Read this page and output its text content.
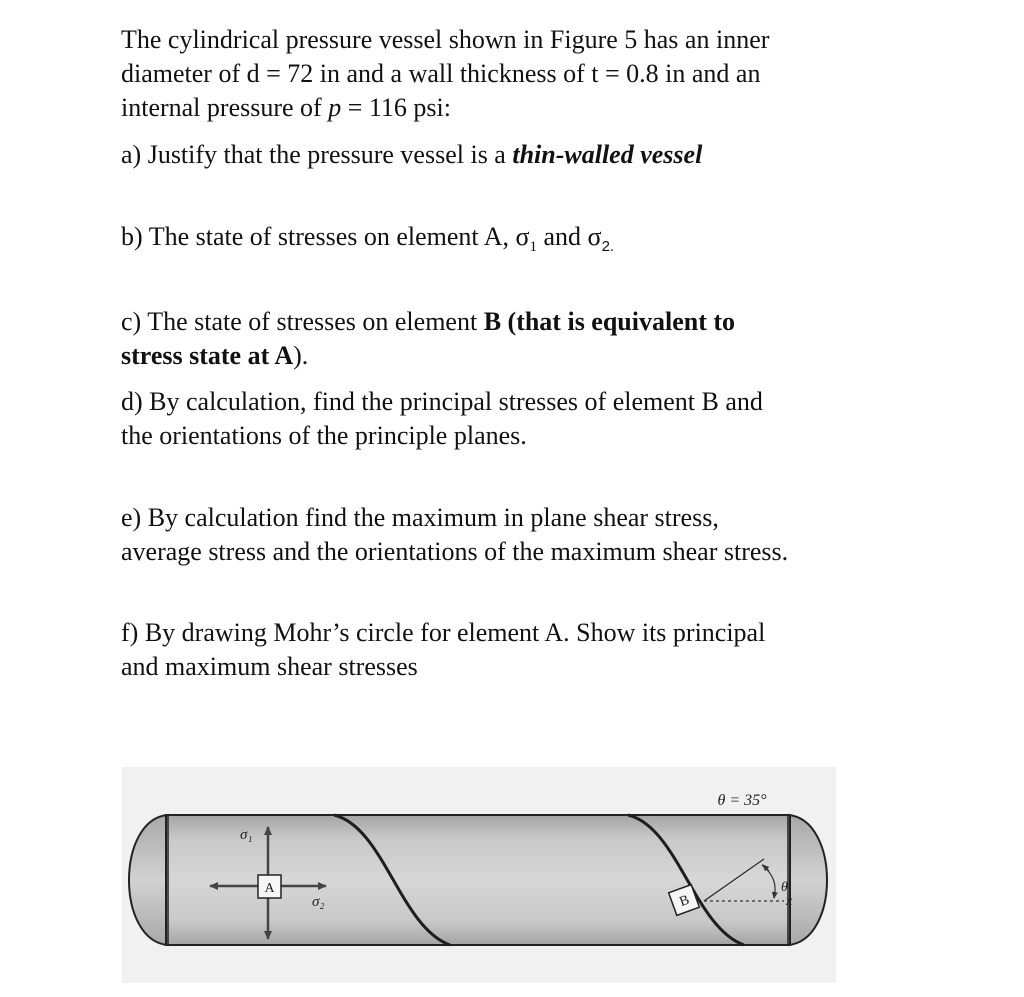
The cylindrical pressure vessel shown in Figure 5 has an inner

diameter of d = 72 in and a wall thickness of t = 0.8 in and an

internal pressure of p = 116 psi:

a) Justify that the pressure vessel is a thin-walled vessel

b) The state of stresses on element A, $\sigma_1$ and $\sigma_{2.}$

c) The state of stresses on element B (that is equivalent to

stress state at A).

d) By calculation, find the principal stresses of element B and

the orientations of the principle planes.

e) By calculation find the maximum in plane shear stress,

average stress and the orientations of the maximum shear stress.

f) By drawing Mohr’s circle for element A. Show its principal

and maximum shear stresses

A
σ₁
σ₂	B
θ
x
θ = 35°
